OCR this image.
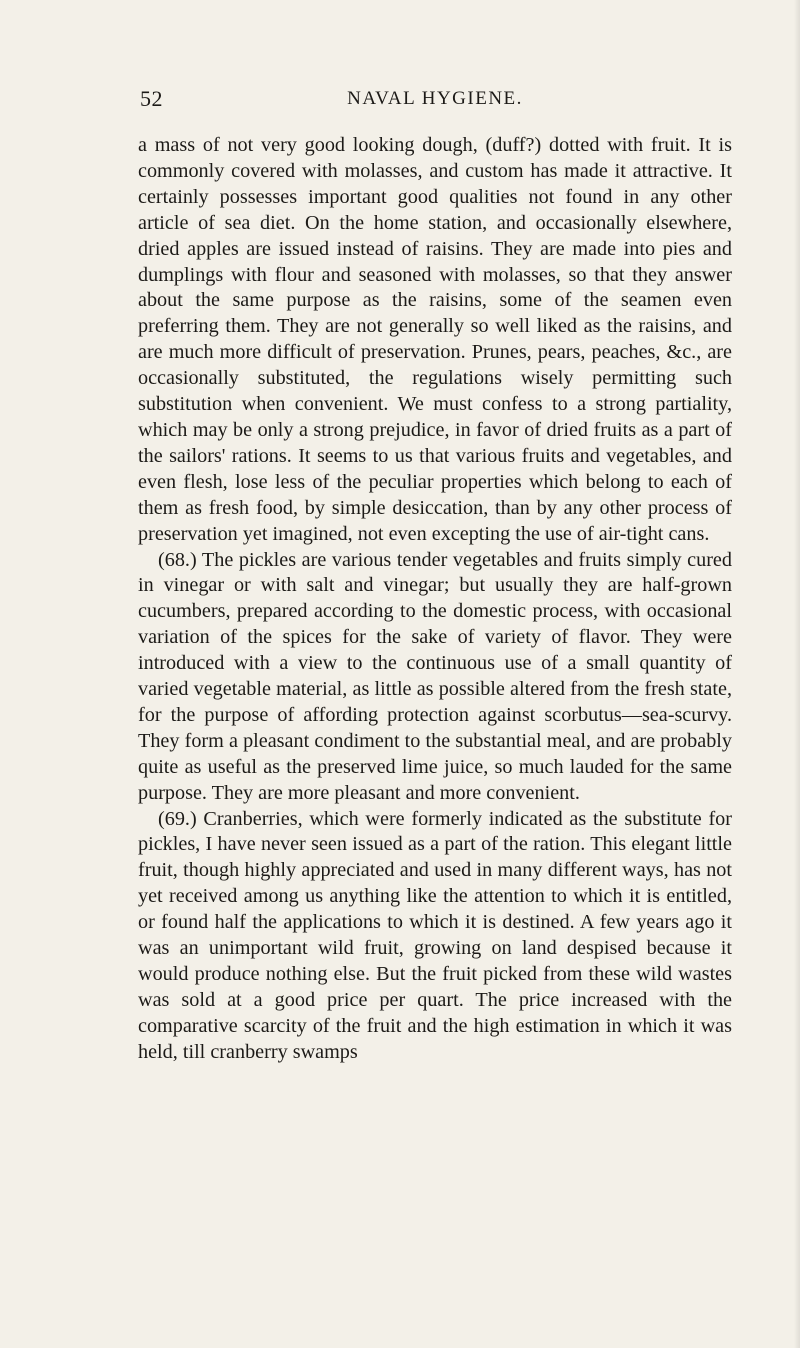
52	NAVAL HYGIENE.

a mass of not very good looking dough, (duff?) dotted with fruit. It is commonly covered with molasses, and custom has made it attractive. It certainly possesses important good qualities not found in any other article of sea diet. On the home station, and occasionally elsewhere, dried apples are issued instead of raisins. They are made into pies and dumplings with flour and seasoned with molasses, so that they answer about the same purpose as the raisins, some of the seamen even preferring them. They are not generally so well liked as the raisins, and are much more difficult of preservation. Prunes, pears, peaches, &c., are occasionally substituted, the regulations wisely permitting such substitution when convenient. We must confess to a strong partiality, which may be only a strong prejudice, in favor of dried fruits as a part of the sailors' rations. It seems to us that various fruits and vegetables, and even flesh, lose less of the peculiar properties which belong to each of them as fresh food, by simple desiccation, than by any other process of preservation yet imagined, not even excepting the use of air-tight cans.

(68.) The pickles are various tender vegetables and fruits simply cured in vinegar or with salt and vinegar; but usually they are half-grown cucumbers, prepared according to the domestic process, with occasional variation of the spices for the sake of variety of flavor. They were introduced with a view to the continuous use of a small quantity of varied vegetable material, as little as possible altered from the fresh state, for the purpose of affording protection against scorbutus—sea-scurvy. They form a pleasant condiment to the substantial meal, and are probably quite as useful as the preserved lime juice, so much lauded for the same purpose. They are more pleasant and more convenient.

(69.) Cranberries, which were formerly indicated as the substitute for pickles, I have never seen issued as a part of the ration. This elegant little fruit, though highly appreciated and used in many different ways, has not yet received among us anything like the attention to which it is entitled, or found half the applications to which it is destined. A few years ago it was an unimportant wild fruit, growing on land despised because it would produce nothing else. But the fruit picked from these wild wastes was sold at a good price per quart. The price increased with the comparative scarcity of the fruit and the high estimation in which it was held, till cranberry swamps
